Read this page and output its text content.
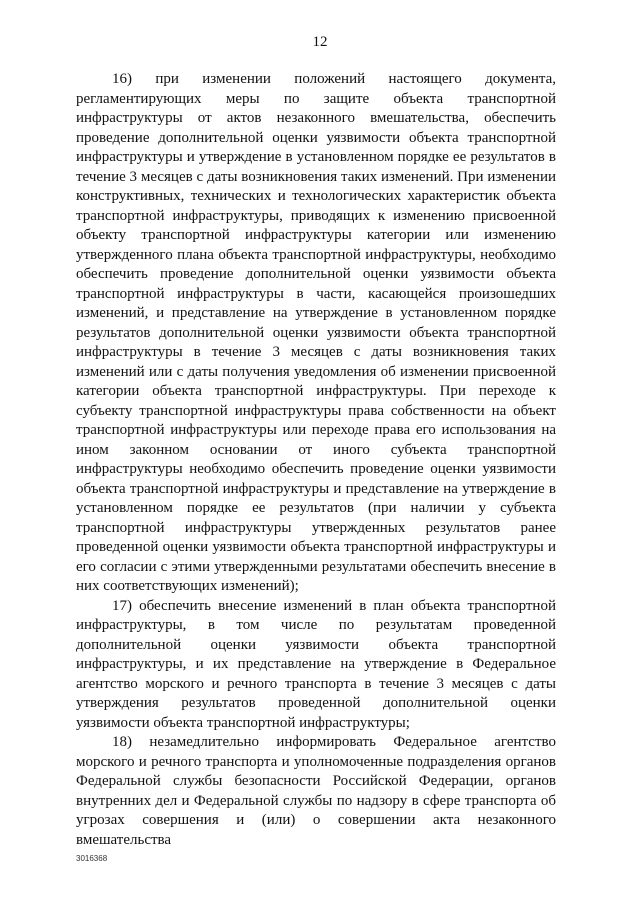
12

16) при изменении положений настоящего документа, регламентирующих меры по защите объекта транспортной инфраструктуры от актов незаконного вмешательства, обеспечить проведение дополнительной оценки уязвимости объекта транспортной инфраструктуры и утверждение в установленном порядке ее результатов в течение 3 месяцев с даты возникновения таких изменений. При изменении конструктивных, технических и технологических характеристик объекта транспортной инфраструктуры, приводящих к изменению присвоенной объекту транспортной инфраструктуры категории или изменению утвержденного плана объекта транспортной инфраструктуры, необходимо обеспечить проведение дополнительной оценки уязвимости объекта транспортной инфраструктуры в части, касающейся произошедших изменений, и представление на утверждение в установленном порядке результатов дополнительной оценки уязвимости объекта транспортной инфраструктуры в течение 3 месяцев с даты возникновения таких изменений или с даты получения уведомления об изменении присвоенной категории объекта транспортной инфраструктуры. При переходе к субъекту транспортной инфраструктуры права собственности на объект транспортной инфраструктуры или переходе права его использования на ином законном основании от иного субъекта транспортной инфраструктуры необходимо обеспечить проведение оценки уязвимости объекта транспортной инфраструктуры и представление на утверждение в установленном порядке ее результатов (при наличии у субъекта транспортной инфраструктуры утвержденных результатов ранее проведенной оценки уязвимости объекта транспортной инфраструктуры и его согласии с этими утвержденными результатами обеспечить внесение в них соответствующих изменений);

17) обеспечить внесение изменений в план объекта транспортной инфраструктуры, в том числе по результатам проведенной дополнительной оценки уязвимости объекта транспортной инфраструктуры, и их представление на утверждение в Федеральное агентство морского и речного транспорта в течение 3 месяцев с даты утверждения результатов проведенной дополнительной оценки уязвимости объекта транспортной инфраструктуры;

18) незамедлительно информировать Федеральное агентство морского и речного транспорта и уполномоченные подразделения органов Федеральной службы безопасности Российской Федерации, органов внутренних дел и Федеральной службы по надзору в сфере транспорта об угрозах совершения и (или) о совершении акта незаконного вмешательства

3016368
